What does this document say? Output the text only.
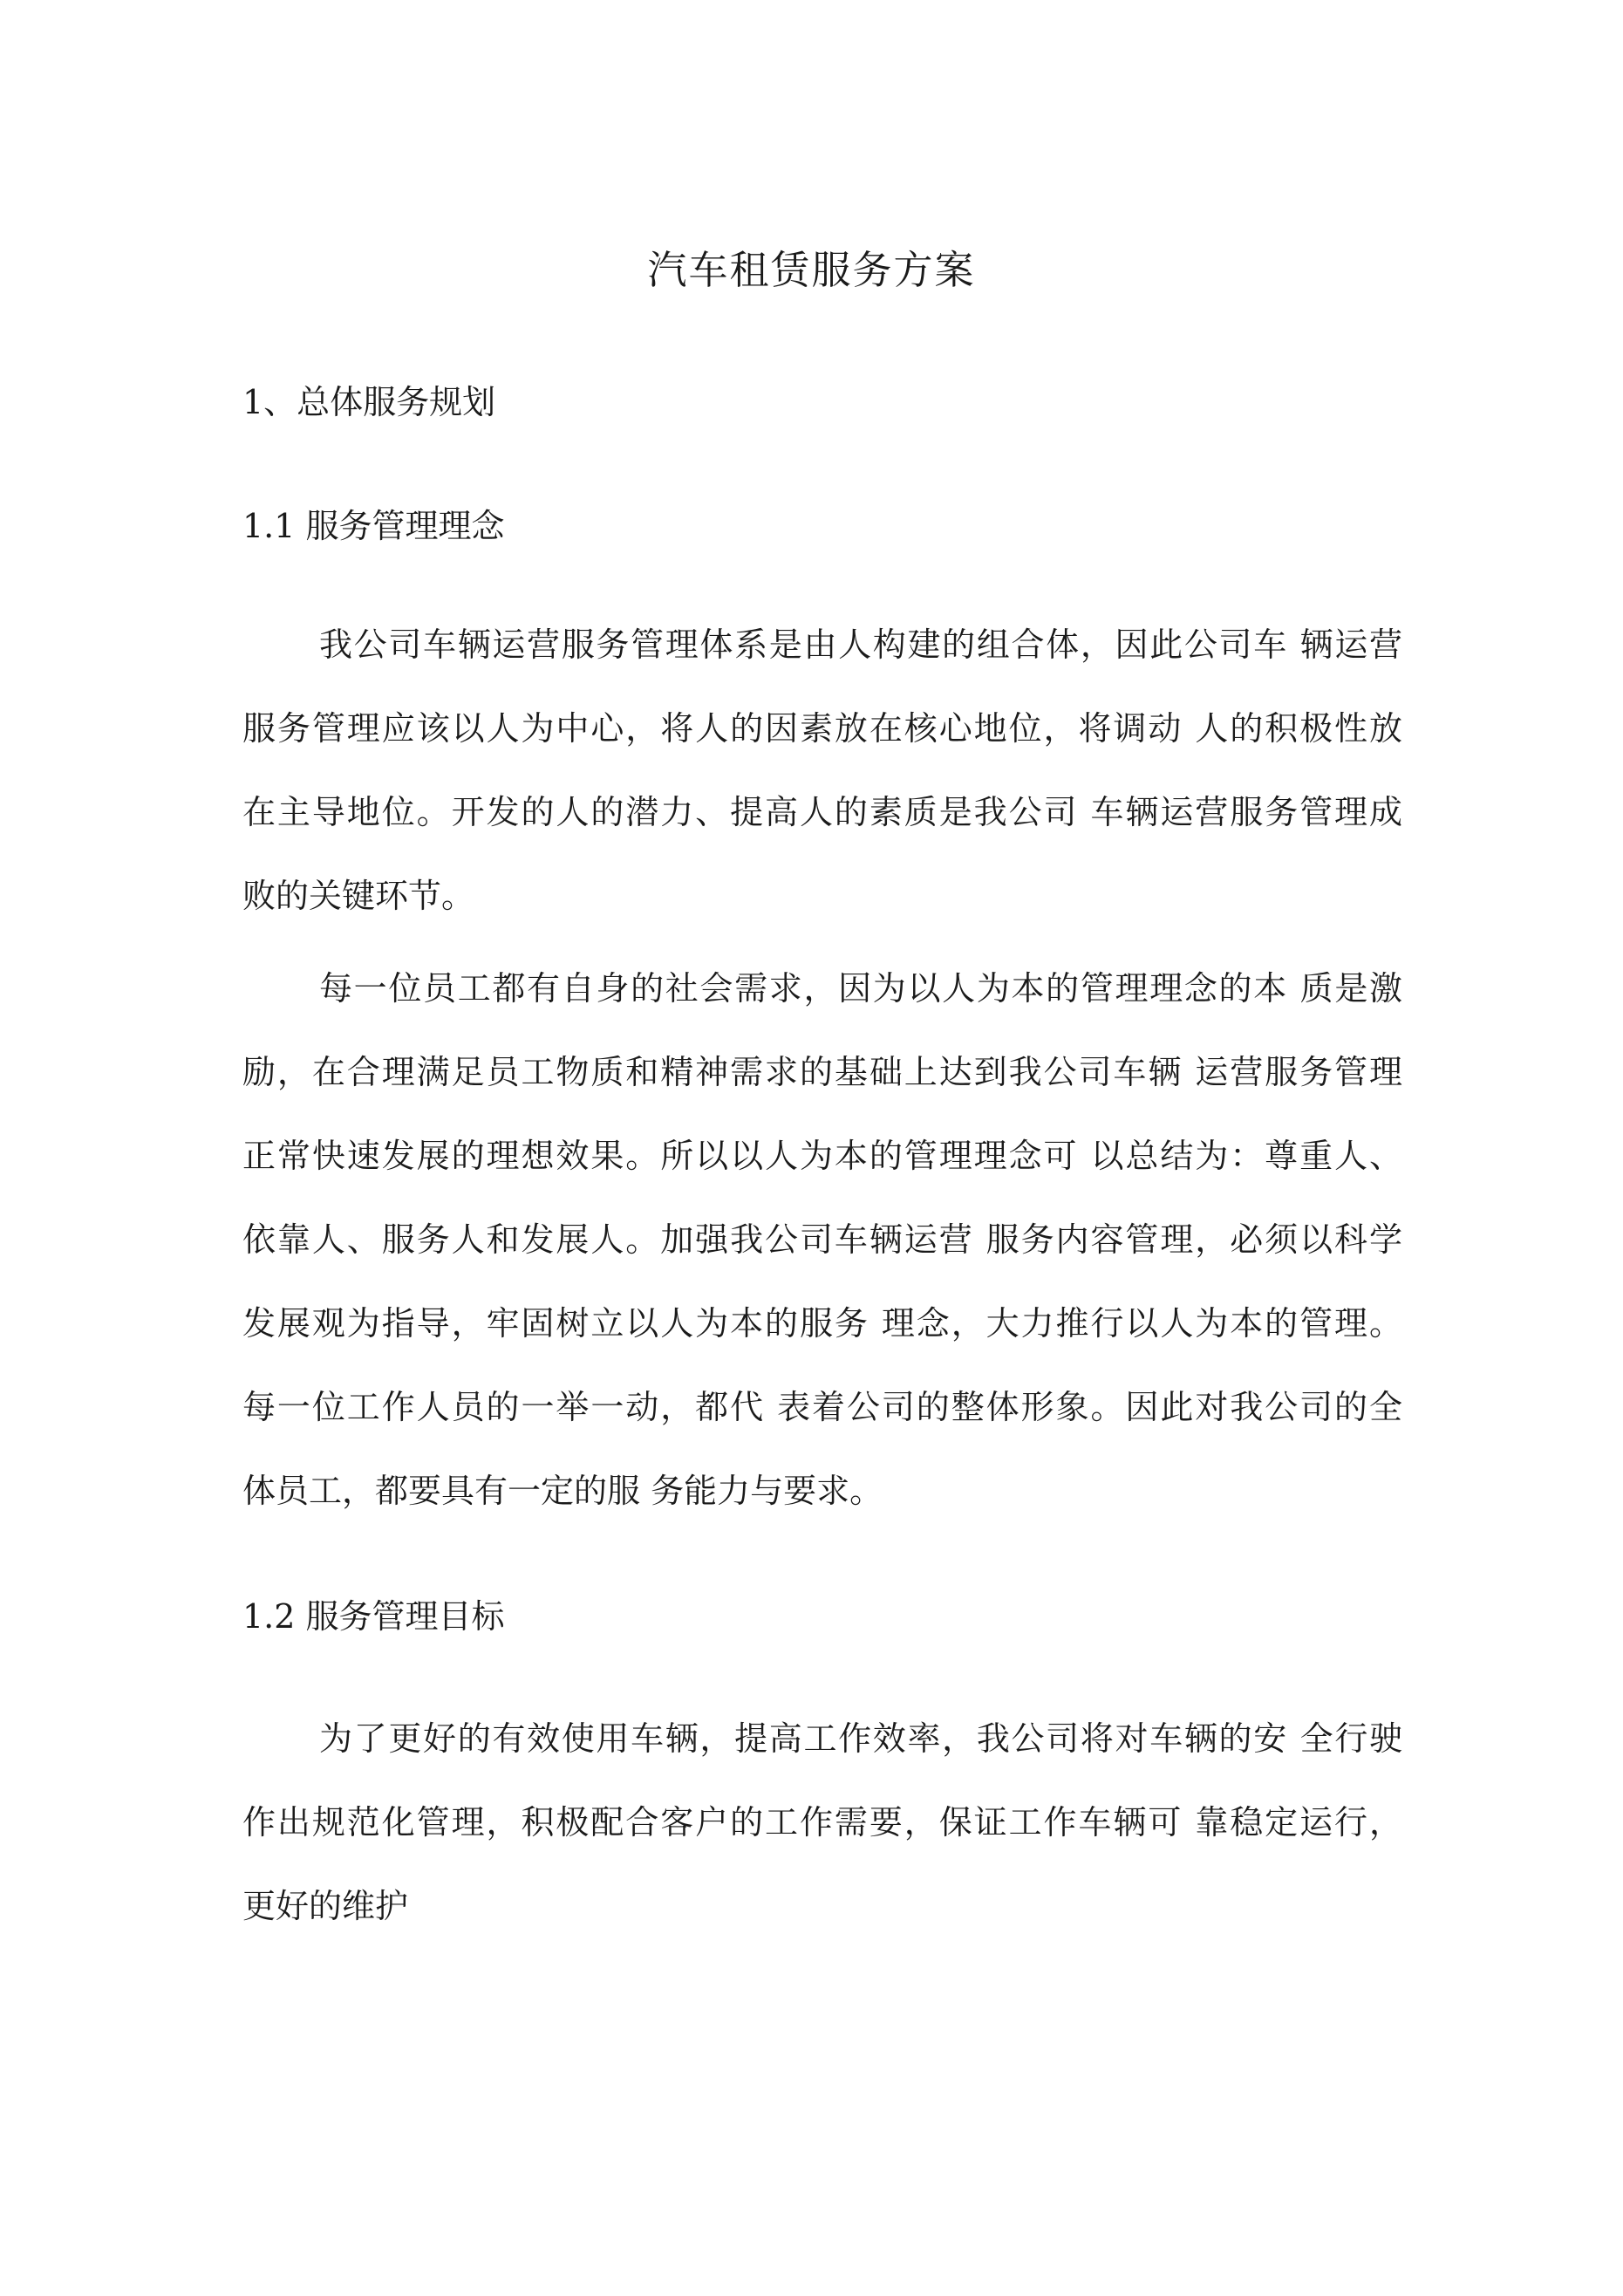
汽车租赁服务方案
1、总体服务规划
1.1 服务管理理念

我公司车辆运营服务管理体系是由人构建的组合体，因此公司车 辆运营

服务管理应该以人为中心，将人的因素放在核心地位，将调动 人的积极性放

在主导地位。开发的人的潜力、提高人的素质是我公司 车辆运营服务管理成

败的关键环节。

每一位员工都有自身的社会需求，因为以人为本的管理理念的本 质是激

励，在合理满足员工物质和精神需求的基础上达到我公司车辆 运营服务管理

正常快速发展的理想效果。所以以人为本的管理理念可 以总结为：尊重人、

依靠人、服务人和发展人。加强我公司车辆运营 服务内容管理，必须以科学

发展观为指导，牢固树立以人为本的服务 理念，大力推行以人为本的管理。

每一位工作人员的一举一动，都代 表着公司的整体形象。因此对我公司的全

体员工，都要具有一定的服 务能力与要求。

1.2 服务管理目标

为了更好的有效使用车辆，提高工作效率，我公司将对车辆的安 全行驶

作出规范化管理，积极配合客户的工作需要，保证工作车辆可 靠稳定运行，

更好的维护
